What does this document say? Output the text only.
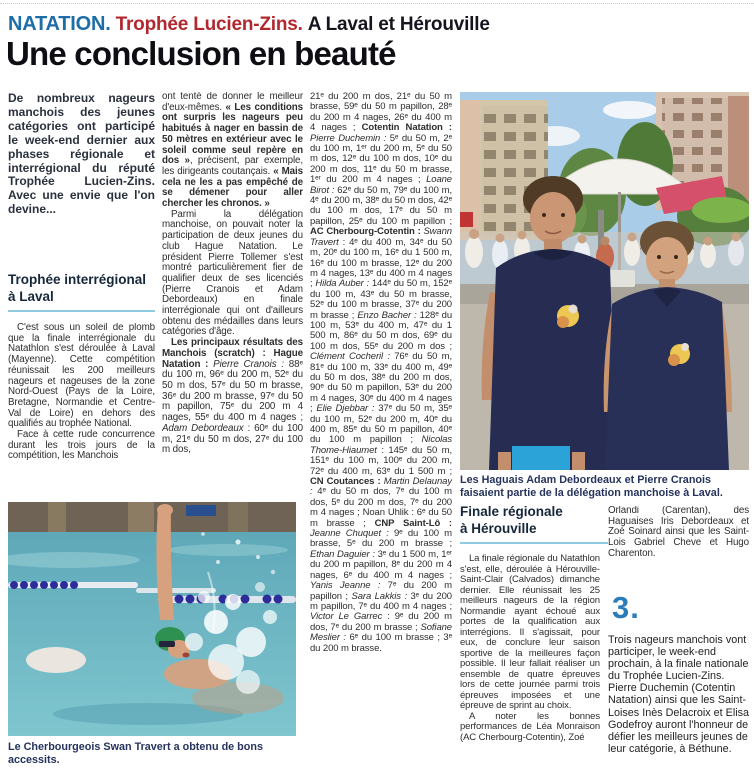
NATATION. Trophée Lucien-Zins. A Laval et Hérouville
Une conclusion en beauté
De nombreux nageurs manchois des jeunes catégories ont participé le week-end dernier aux phases régionale et interrégional du réputé Trophée Lucien-Zins. Avec une envie que l'on devine...
Trophée interrégional
à Laval

C'est sous un soleil de plomb que la finale interrégionale du Natathlon s'est déroulée à Laval (Mayenne). Cette compétition réunissait les 200 meilleurs nageurs et nageuses de la zone Nord-Ouest (Pays de la Loire, Bretagne, Normandie et Centre-Val de Loire) en dehors des qualifiés au trophée National.

Face à cette rude concurrence durant les trois jours de la compétition, les Manchois

ont tenté de donner le meilleur d'eux-mêmes. « Les conditions ont surpris les nageurs peu habitués à nager en bassin de 50 mètres en extérieur avec le soleil comme seul repère en dos », précisent, par exemple, les dirigeants coutançais. « Mais cela ne les a pas empêché de se démener pour aller chercher les chronos. »

Parmi la délégation manchoise, on pouvait noter la participation de deux jeunes du club Hague Natation. Le président Pierre Tollemer s'est montré particulièrement fier de qualifier deux de ses licenciés (Pierre Cranois et Adam Debordeaux) en finale interrégionale qui ont d'ailleurs obtenu des médailles dans leurs catégories d'âge.

Les principaux résultats des Manchois (scratch) : Hague Natation : Pierre Cranois : 88ᵉ du 100 m, 96ᵉ du 200 m, 52ᵉ du 50 m dos, 57ᵉ du 50 m brasse, 36ᵉ du 200 m brasse, 97ᵉ du 50 m papillon, 75ᵉ du 200 m 4 nages, 55ᵉ du 400 m 4 nages ; Adam Debordeaux : 60ᵉ du 100 m, 21ᵉ du 50 m dos, 27ᵉ du 100 m dos,

21ᵉ du 200 m dos, 21ᵉ du 50 m brasse, 59ᵉ du 50 m papillon, 28ᵉ du 200 m 4 nages, 26ᵉ du 400 m 4 nages ; Cotentin Natation : Pierre Duchemin : 5ᵉ du 50 m, 2ᵉ du 100 m, 1ᵉʳ du 200 m, 5ᵉ du 50 m dos, 12ᵉ du 100 m dos, 10ᵉ du 200 m dos, 11ᵉ du 50 m brasse, 1ᵉʳ du 200 m 4 nages ; Loane Birot : 62ᵉ du 50 m, 79ᵉ du 100 m, 4ᵉ du 200 m, 38ᵉ du 50 m dos, 42ᵉ du 100 m dos, 17ᵉ du 50 m papillon, 25ᵉ du 100 m papillon ; AC Cherbourg-Cotentin : Swann Travert : 4ᵉ du 400 m, 34ᵉ du 50 m, 20ᵉ du 100 m, 16ᵉ du 1 500 m, 16ᵉ du 100 m brasse, 12ᵉ du 200 m 4 nages, 13ᵉ du 400 m 4 nages ; Hilda Auber : 144ᵉ du 50 m, 152ᵉ du 100 m, 43ᵉ du 50 m brasse, 52ᵉ du 100 m brasse, 37ᵉ du 200 m brasse ; Enzo Bacher : 128ᵉ du 100 m, 53ᵉ du 400 m, 47ᵉ du 1 500 m, 86ᵉ du 50 m dos, 69ᵉ du 100 m dos, 55ᵉ du 200 m dos ; Clément Cocheril : 76ᵉ du 50 m, 81ᵉ du 100 m, 33ᵉ du 400 m, 49ᵉ du 50 m dos, 38ᵉ du 200 m dos, 90ᵉ du 50 m papillon, 53ᵉ du 200 m 4 nages, 30ᵉ du 400 m 4 nages ; Elie Djebbar : 37ᵉ du 50 m, 35ᵉ du 100 m, 52ᵉ du 200 m, 40ᵉ du 400 m, 85ᵉ du 50 m papillon, 40ᵉ du 100 m papillon ; Nicolas Thome-Hiaumet : 145ᵉ du 50 m, 151ᵉ du 100 m, 100ᵉ du 200 m, 72ᵉ du 400 m, 63ᵉ du 1 500 m ; CN Coutances : Martin Delaunay : 4ᵉ du 50 m dos, 7ᵉ du 100 m dos, 5ᵉ du 200 m dos, 7ᵉ du 200 m 4 nages ; Noan Uhlik : 6ᵉ du 50 m brasse ; CNP Saint-Lô : Jeanne Chuquet : 9ᵉ du 100 m brasse, 5ᵉ du 200 m brasse ; Ethan Daguier : 3ᵉ du 1 500 m, 1ᵉʳ du 200 m papillon, 8ᵉ du 200 m 4 nages, 6ᵉ du 400 m 4 nages ; Yanis Jeanne : 7ᵉ du 200 m papillon ; Sara Lakkis : 3ᵉ du 200 m papillon, 7ᵉ du 400 m 4 nages ; Victor Le Garrec : 9ᵉ du 200 m dos, 7ᵉ du 200 m brasse ; Sofiane Meslier : 6ᵉ du 100 m brasse ; 3ᵉ du 200 m brasse.

Les Haguais Adam Debordeaux et Pierre Cranois faisaient partie de la délégation manchoise à Laval.
Finale régionale
à Hérouville

La finale régionale du Natathlon s'est, elle, déroulée à Hérouville-Saint-Clair (Calvados) dimanche dernier. Elle réunissait les 25 meilleurs nageurs de la région Normandie ayant échoué aux portes de la qualification aux interrégions. Il s'agissait, pour eux, de conclure leur saison sportive de la meilleures façon possible. Il leur fallait réaliser un ensemble de quatre épreuves lors de cette journée parmi trois épreuves imposées et une épreuve de sprint au choix.

A noter les bonnes performances de Léa Monraison (AC Cherbourg-Cotentin), Zoé

Orlandi (Carentan), des Haguaises Iris Debordeaux et Zoé Soinard ainsi que les Saint-Lois Gabriel Cheve et Hugo Charenton.

3.

Trois nageurs manchois vont participer, le week-end prochain, à la finale nationale du Trophée Lucien-Zins. Pierre Duchemin (Cotentin Natation) ainsi que les Saint-Loises Inès Delacroix et Elisa Godefroy auront l'honneur de défier les meilleurs jeunes de leur catégorie, à Béthune.

Le Cherbourgeois Swan Travert a obtenu de bons accessits.
